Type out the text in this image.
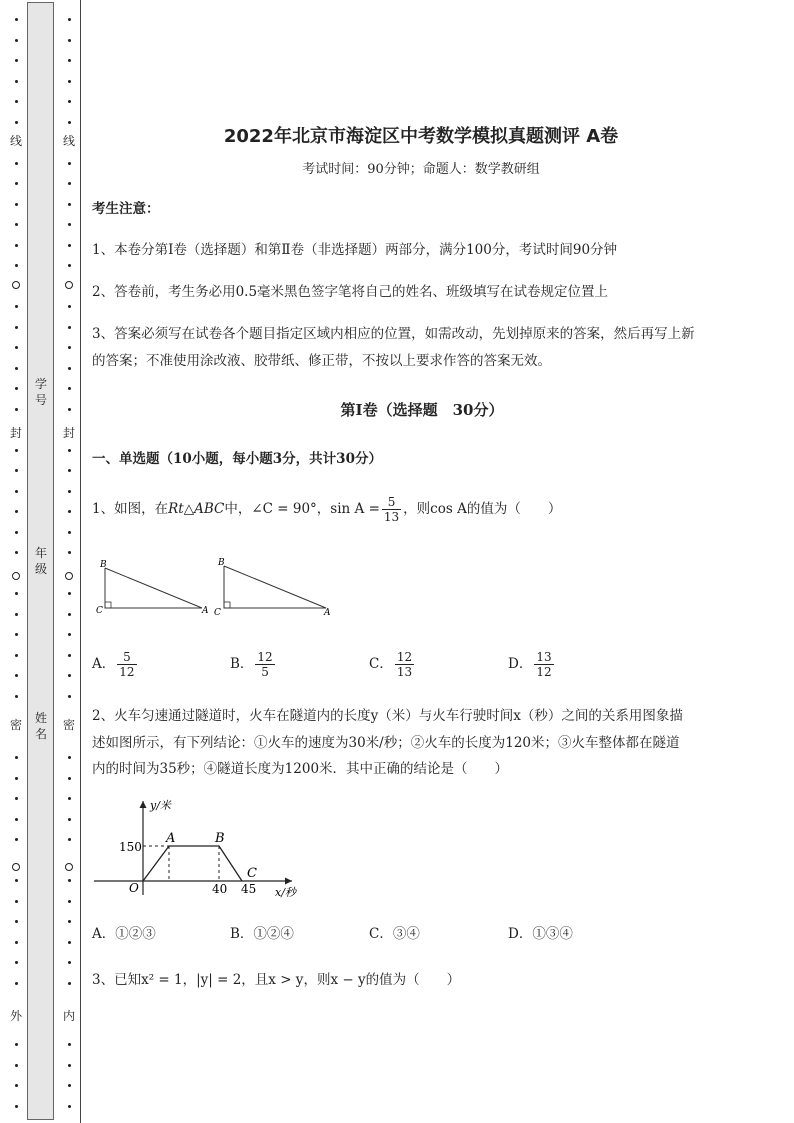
线
封
密
外
线
封
密
内
学号
年级
姓名
2022年北京市海淀区中考数学模拟真题测评 A卷
考试时间：90分钟；命题人：数学教研组
考生注意：
1、本卷分第I卷（选择题）和第Ⅱ卷（非选择题）两部分，满分100分，考试时间90分钟
2、答卷前，考生务必用0.5毫米黑色签字笔将自己的姓名、班级填写在试卷规定位置上
3、答案必须写在试卷各个题目指定区域内相应的位置，如需改动，先划掉原来的答案，然后再写上新
的答案；不准使用涂改液、胶带纸、修正带，不按以上要求作答的答案无效。
第I卷（选择题　30分）
一、单选题（10小题，每小题3分，共计30分）
1、如图，在Rt△ABC中，∠C = 90°，$\sin A = \frac{5}{13}$ ，则cos A的值为（　　）
B
C	A
B
C	A
A． $\frac{5}{12}$	B． $\frac{12}{5}$	C． $\frac{12}{13}$	D． $\frac{13}{12}$
2、火车匀速通过隧道时，火车在隧道内的长度y（米）与火车行驶时间x（秒）之间的关系用图象描
述如图所示，有下列结论：①火车的速度为30米/秒；②火车的长度为120米；③火车整体都在隧道
内的时间为35秒；④隧道长度为1200米．其中正确的结论是（　　）
y/米
x/秒
O
150
40 45
A	B
C
A．①②③	B．①②④	C．③④	D．①③④
3、已知x² = 1，|y| = 2，且x > y，则x − y的值为（　　）
